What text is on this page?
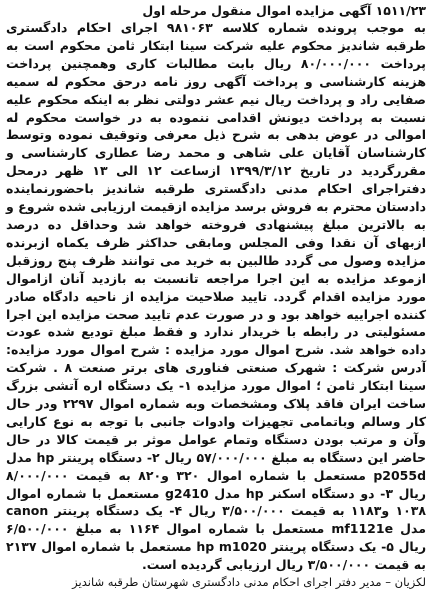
۱۵۱۱/۲۳ آگهی مزایده اموال منقول مرحله اول

به موجب پرونده شماره کلاسه ۹۸۱۰۶۳ اجرای احکام دادگستری طرقبه شاندیز محکوم علیه شرکت سینا ابتکار ثامن محکوم است به پرداخت ۸۰/۰۰۰/۰۰۰ ریال بابت مطالبات کاری وهمچنین پرداخت هزینه کارشناسی و پرداخت آگهی روز نامه درحق محکوم له سمیه صفایی راد و پرداخت ریال نیم عشر دولتی نظر به اینکه محکوم علیه نسبت به پرداخت دیونش اقدامی ننموده به در خواست محکوم له اموالی در عوض بدهی به شرح ذیل معرفی وتوقیف نموده وتوسط کارشناسان آقایان علی شاهی و محمد رضا عطاری کارشناسی و مقررگردید در تاریخ ۱۳۹۹/۳/۱۲ ازساعت ۱۲ الی ۱۳ ظهر درمحل دفتراجرای احکام مدنی دادگستری طرقبه شاندیز باحضورنماینده دادستان محترم به فروش برسد مزایده ازقیمت ارزیابی شده شروع و به بالاترین مبلغ پیشنهادی فروخته خواهد شد وحداقل ده درصد ازبهای آن نقدا وفی المجلس ومابقی حداکثر ظرف یکماه ازبرنده مزایده وصول می گردد طالبین به خرید می توانند ظرف پنج روزقبل ازموعد مزایده به این اجرا مراجعه تانسبت به بازدید آنان ازاموال مورد مزایده اقدام گردد. تایید صلاحیت مزایده از ناحیه دادگاه صادر کننده اجراییه خواهد بود و در صورت عدم تایید صحت مزایده این اجرا مسئولیتی در رابطه با خریدار ندارد و فقط مبلغ تودیع شده عودت داده خواهد شد. شرح اموال مورد مزایده : شرح اموال مورد مزایده: آدرس شرکت : شهرک صنعتی فناوری های برتر صنعت ۸ . شرکت سینا ابتکار ثامن ؛ اموال مورد مزایده ۱- یک دستگاه اره آتشی بزرگ ساخت ایران فاقد پلاک ومشخصات وبه شماره اموال ۲۲۹۷ ودر حال کار وسالم وباتمامی تجهیزات وادوات جانبی با توجه به نوع کارایی وآن و مرتب بودن دستگاه وتمام عوامل موثر بر قیمت کالا در حال حاضر این دستگاه به مبلغ ۵۷/۰۰۰/۰۰۰ ریال ۲- دستگاه پرینتر hp مدل p2055d مستعمل با شماره اموال ۳۲۰ و۸۲۰ به قیمت ۸/۰۰۰/۰۰۰ ریال ۳- دو دستگاه اسکنر hp مدل g2410 مستعمل با شماره اموال ۱۰۳۸ و۱۱۸۳ به قیمت ۳/۵۰۰/۰۰۰ ریال ۴- یک دستگاه پرینتر canon مدل mf1121e مستعمل با شماره اموال ۱۱۶۴ به مبلغ ۶/۵۰۰/۰۰۰ ریال ۵- یک دستگاه پرینتر hp m1020 مستعمل با شماره اموال ۲۱۳۷ به قیمت ۳/۵۰۰/۰۰۰ ریال ارزیابی گردیده است.

لکزیان – مدیر دفتر اجرای احکام مدنی دادگستری شهرستان طرقبه شاندیز
